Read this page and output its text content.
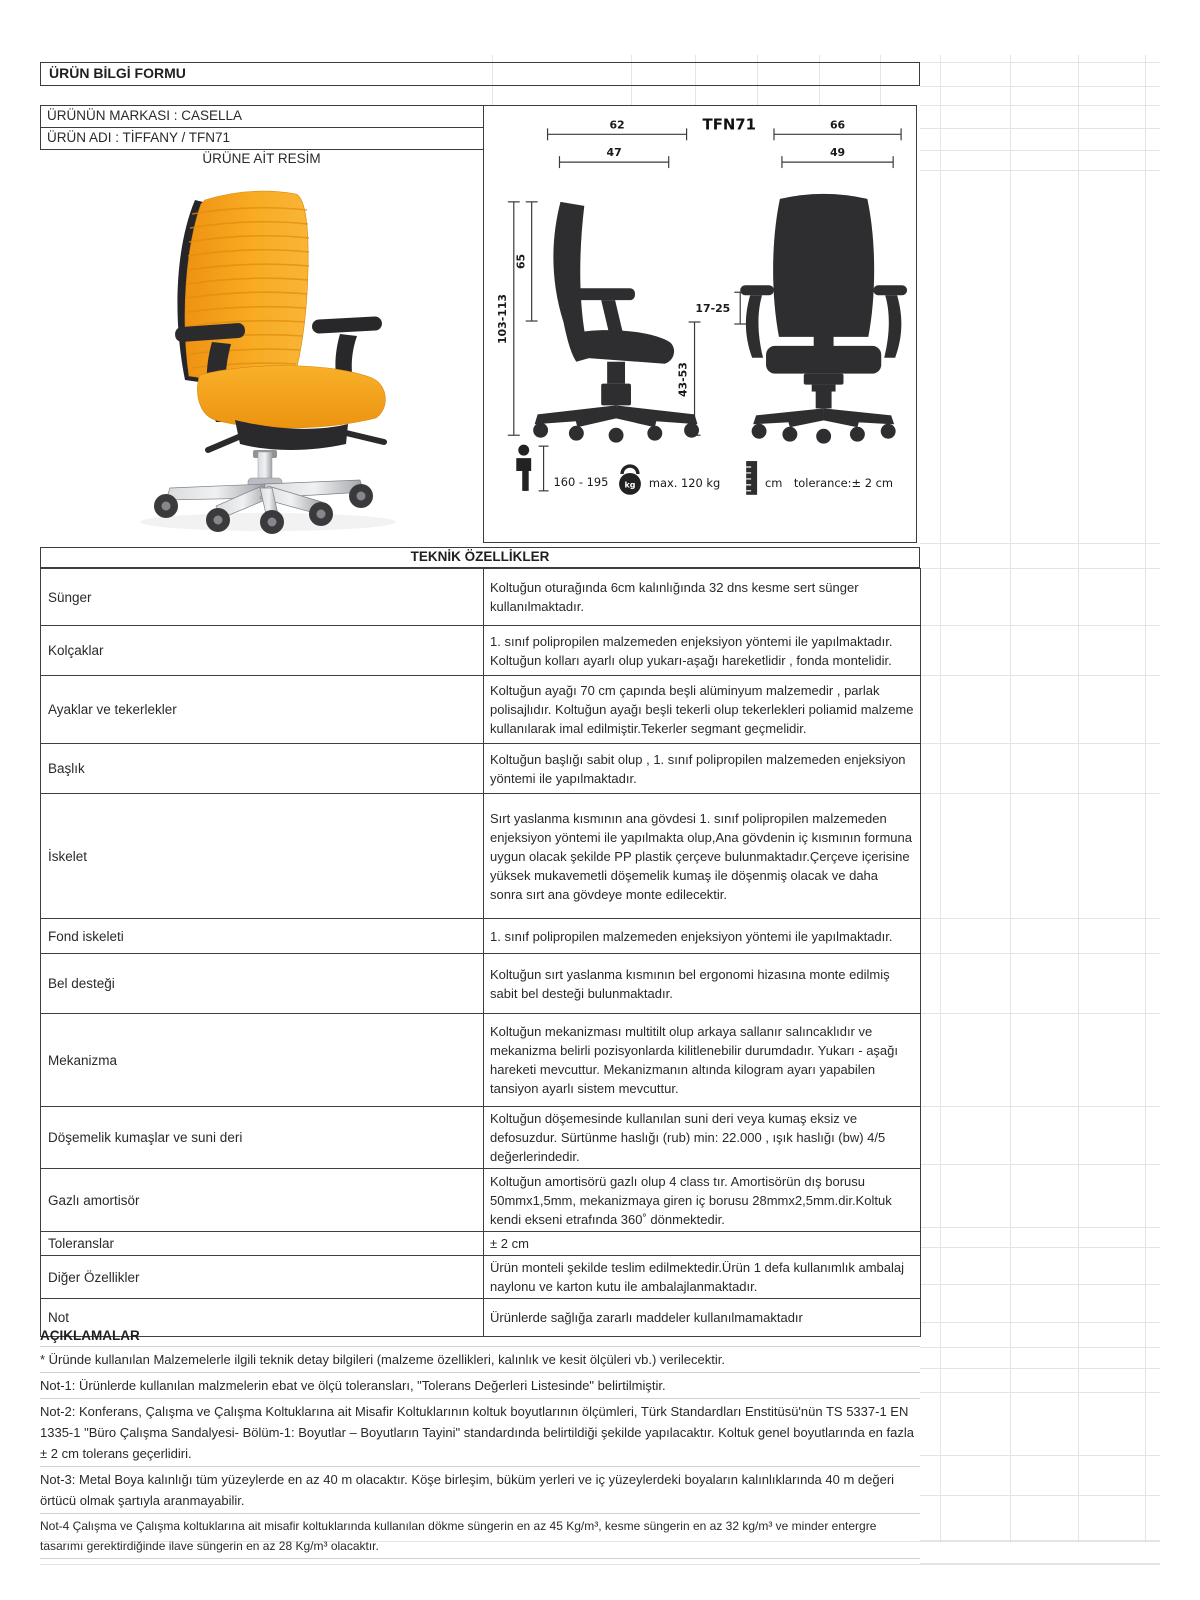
ÜRÜN BİLGİ FORMU
ÜRÜNÜN MARKASI : CASELLA
ÜRÜN ADI : TİFFANY / TFN71
ÜRÜNE AİT RESİM
TFN71
62
47
66
49
103-113
65
43-53
17-25
160 - 195 kg max. 120 kg	cm tolerance:± 2 cm
TEKNİK ÖZELLİKLER
Sünger	Koltuğun oturağında 6cm kalınlığında 32 dns kesme sert sünger kullanılmaktadır.
Kolçaklar	1. sınıf polipropilen malzemeden enjeksiyon yöntemi ile yapılmaktadır. Koltuğun kolları ayarlı olup yukarı-aşağı hareketlidir , fonda montelidir.
Ayaklar ve tekerlekler	Koltuğun ayağı 70 cm çapında beşli alüminyum malzemedir , parlak polisajlıdır. Koltuğun ayağı beşli tekerli olup tekerlekleri poliamid malzeme kullanılarak imal edilmiştir.Tekerler segmant geçmelidir.
Başlık	Koltuğun başlığı sabit olup , 1. sınıf polipropilen malzemeden enjeksiyon yöntemi ile yapılmaktadır.
İskelet	Sırt yaslanma kısmının ana gövdesi 1. sınıf polipropilen malzemeden enjeksiyon yöntemi ile yapılmakta olup,Ana gövdenin iç kısmının formuna uygun olacak şekilde PP plastik çerçeve bulunmaktadır.Çerçeve içerisine yüksek mukavemetli döşemelik kumaş ile döşenmiş olacak ve daha sonra sırt ana gövdeye monte edilecektir.
Fond iskeleti	1. sınıf polipropilen malzemeden enjeksiyon yöntemi ile yapılmaktadır.
Bel desteği	Koltuğun sırt yaslanma kısmının bel ergonomi hizasına monte edilmiş sabit bel desteği bulunmaktadır.
Mekanizma	Koltuğun mekanizması multitilt olup arkaya sallanır salıncaklıdır ve mekanizma belirli pozisyonlarda kilitlenebilir durumdadır. Yukarı - aşağı hareketi mevcuttur. Mekanizmanın altında kilogram ayarı yapabilen tansiyon ayarlı sistem mevcuttur.
Döşemelik kumaşlar ve suni deri	Koltuğun döşemesinde kullanılan suni deri veya kumaş eksiz ve defosuzdur. Sürtünme haslığı (rub) min: 22.000 , ışık haslığı (bw) 4/5 değerlerindedir.
Gazlı amortisör	Koltuğun amortisörü gazlı olup 4 class tır. Amortisörün dış borusu 50mmx1,5mm, mekanizmaya giren iç borusu 28mmx2,5mm.dir.Koltuk kendi ekseni etrafında 360˚ dönmektedir.
Toleranslar	± 2 cm
Diğer Özellikler	Ürün monteli şekilde teslim edilmektedir.Ürün 1 defa kullanımlık ambalaj naylonu ve karton kutu ile ambalajlanmaktadır.
Not	Ürünlerde sağlığa zararlı maddeler kullanılmamaktadır
AÇIKLAMALAR
* Üründe kullanılan Malzemelerle ilgili teknik detay bilgileri (malzeme özellikleri, kalınlık ve kesit ölçüleri vb.) verilecektir.
Not-1: Ürünlerde kullanılan malzmelerin ebat ve ölçü toleransları, "Tolerans Değerleri Listesinde" belirtilmiştir.
Not-2: Konferans, Çalışma ve Çalışma Koltuklarına ait Misafir Koltuklarının koltuk boyutlarının ölçümleri, Türk Standardları Enstitüsü'nün TS 5337-1 EN 1335-1 "Büro Çalışma Sandalyesi- Bölüm-1: Boyutlar – Boyutların Tayini" standardında belirtildiği şekilde yapılacaktır. Koltuk genel boyutlarında en fazla ± 2 cm tolerans geçerlidiri.
Not-3: Metal Boya kalınlığı tüm yüzeylerde en az 40 m olacaktır. Köşe birleşim, büküm yerleri ve iç yüzeylerdeki boyaların kalınlıklarında 40 m değeri örtücü olmak şartıyla aranmayabilir.
Not-4 Çalışma ve Çalışma koltuklarına ait misafir koltuklarında kullanılan dökme süngerin en az 45 Kg/m³, kesme süngerin en az 32 kg/m³ ve minder entergre tasarımı gerektirdiğinde ilave süngerin en az 28 Kg/m³ olacaktır.
